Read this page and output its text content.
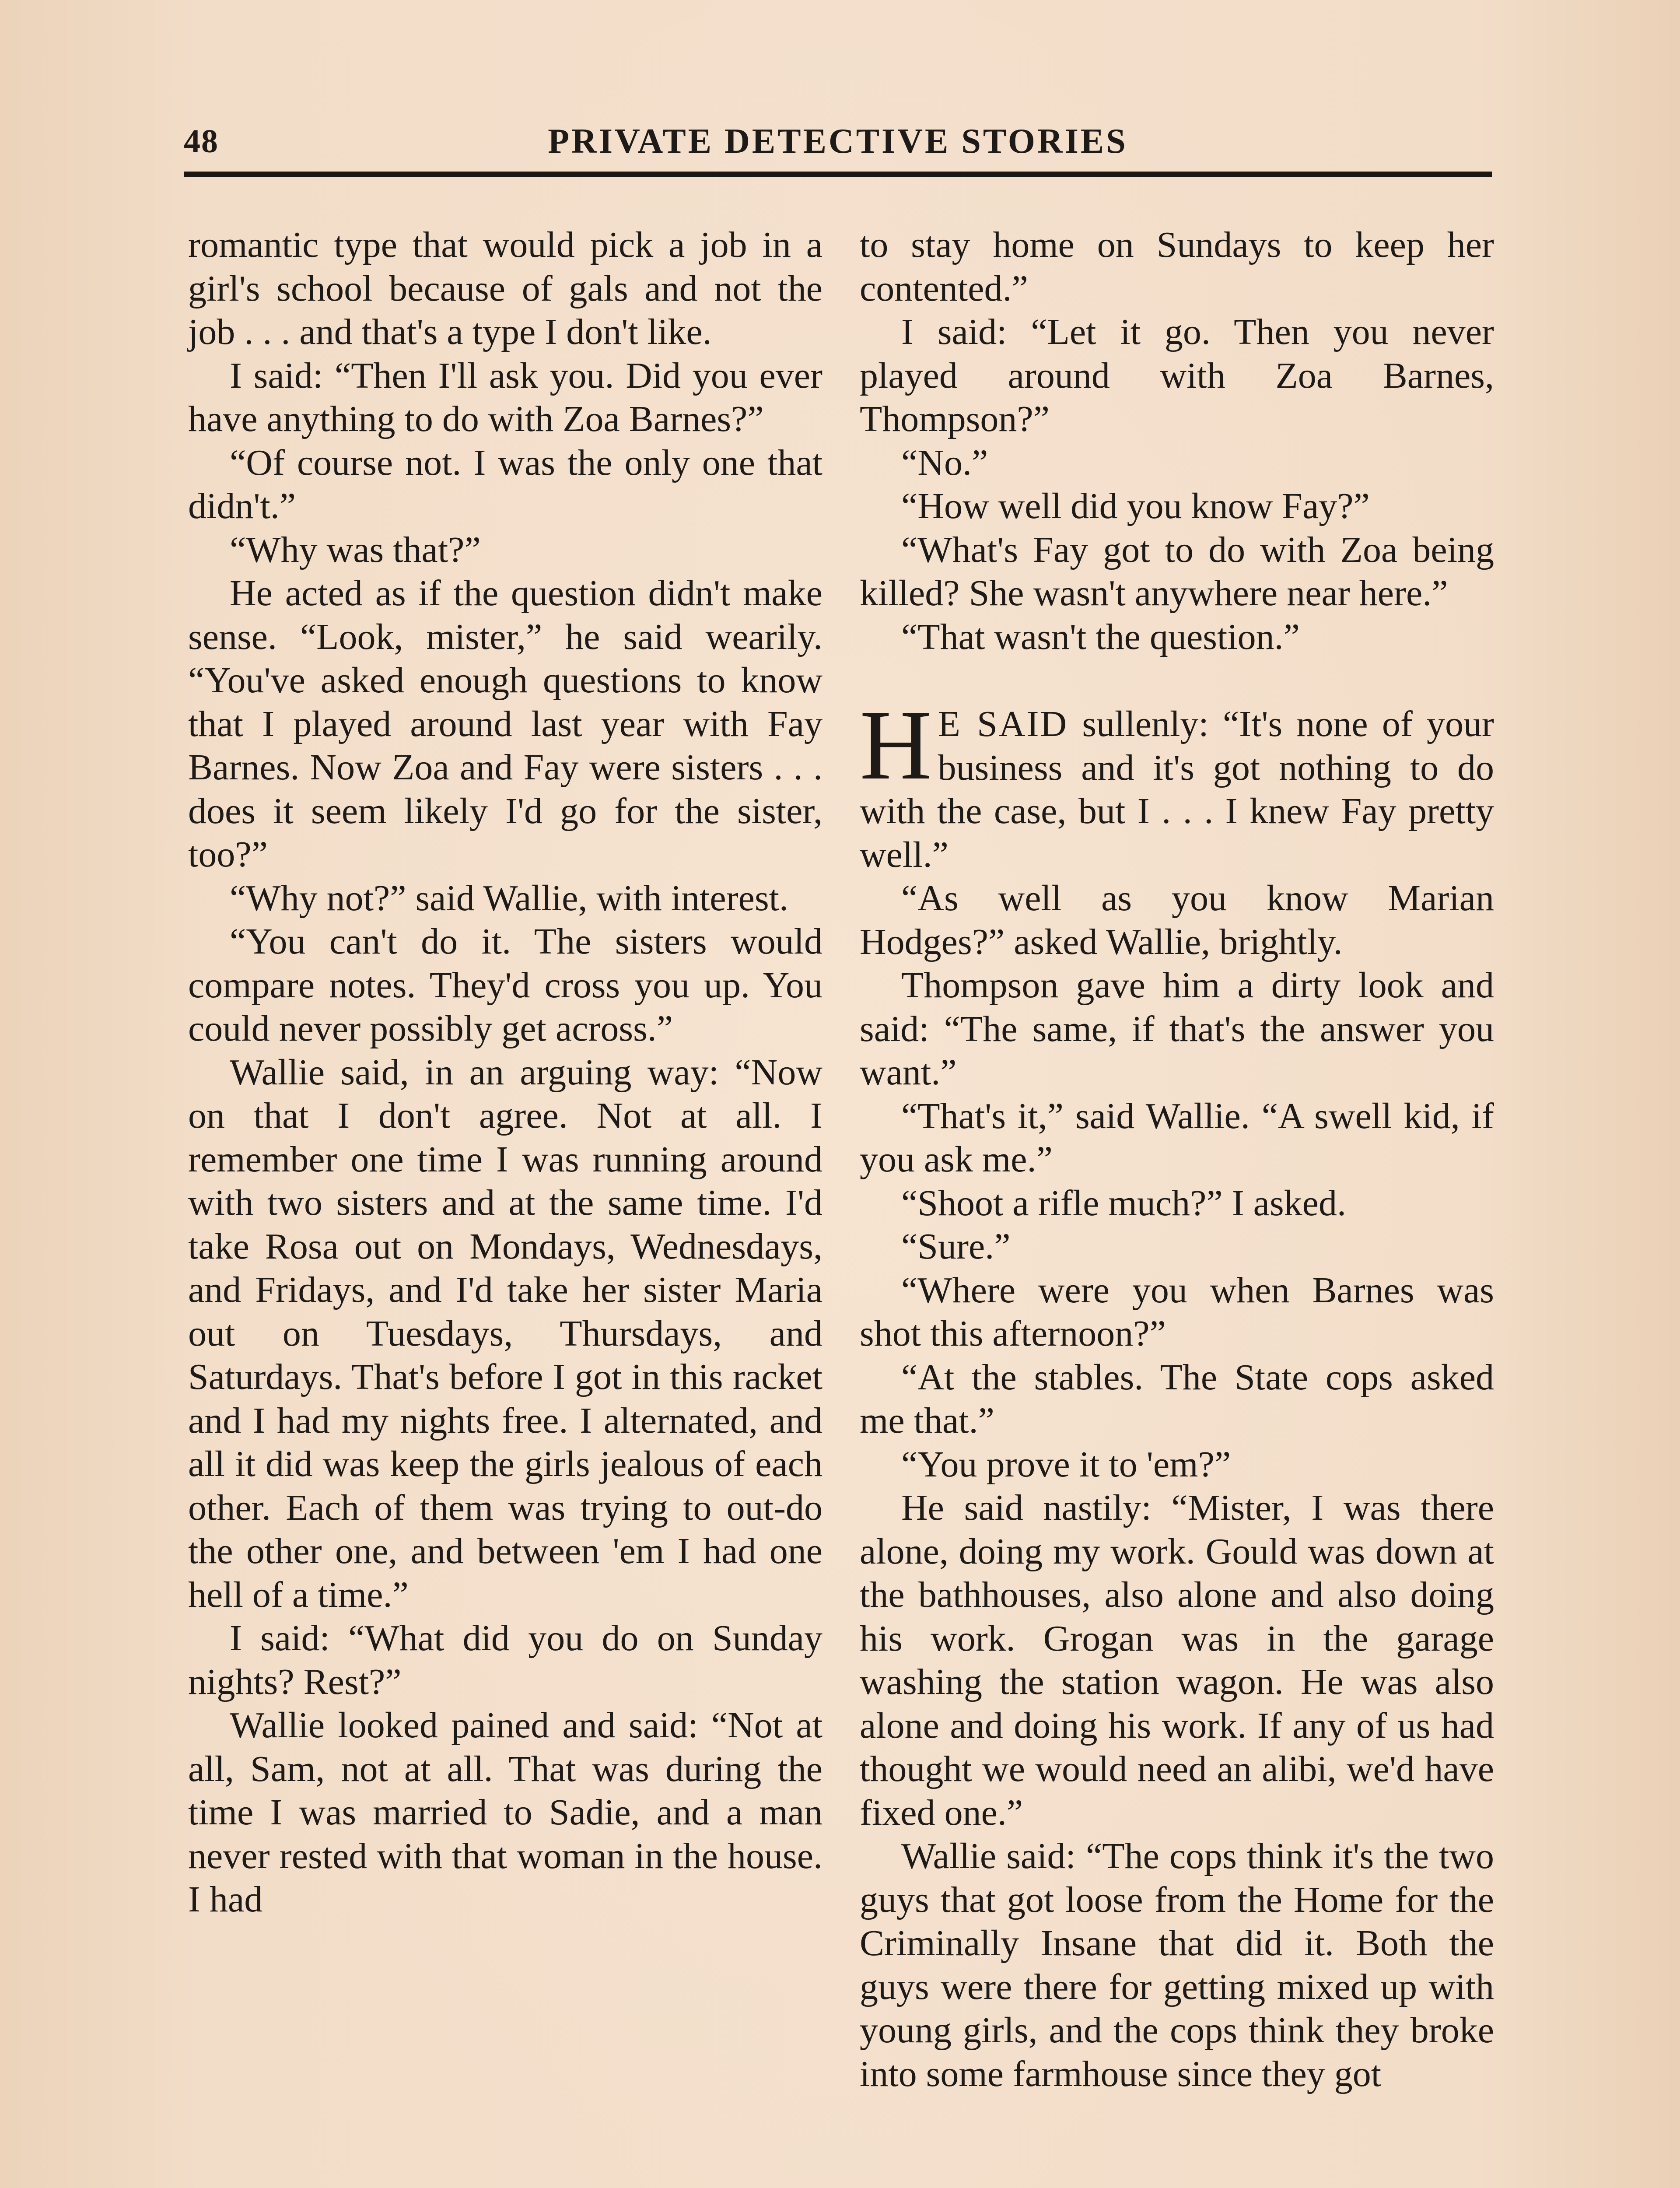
48	PRIVATE DETECTIVE STORIES

romantic type that would pick a job in a girl's school because of gals and not the job . . . and that's a type I don't like.

I said: “Then I'll ask you. Did you ever have anything to do with Zoa Barnes?”

“Of course not. I was the only one that didn't.”

“Why was that?”

He acted as if the question didn't make sense. “Look, mister,” he said wearily. “You've asked enough questions to know that I played around last year with Fay Barnes. Now Zoa and Fay were sisters . . . does it seem likely I'd go for the sister, too?”

“Why not?” said Wallie, with interest.

“You can't do it. The sisters would compare notes. They'd cross you up. You could never possibly get across.”

Wallie said, in an arguing way: “Now on that I don't agree. Not at all. I remember one time I was running around with two sisters and at the same time. I'd take Rosa out on Mondays, Wednesdays, and Fridays, and I'd take her sister Maria out on Tuesdays, Thursdays, and Saturdays. That's before I got in this racket and I had my nights free. I alternated, and all it did was keep the girls jealous of each other. Each of them was trying to out-do the other one, and between 'em I had one hell of a time.”

I said: “What did you do on Sunday nights? Rest?”

Wallie looked pained and said: “Not at all, Sam, not at all. That was during the time I was married to Sadie, and a man never rested with that woman in the house. I had

to stay home on Sundays to keep her contented.”

I said: “Let it go. Then you never played around with Zoa Barnes, Thompson?”

“No.”

“How well did you know Fay?”

“What's Fay got to do with Zoa being killed? She wasn't anywhere near here.”

“That wasn't the question.”

H E SAID sullenly: “It's none of your business and it's got nothing to do with the case, but I . . . I knew Fay pretty well.”

“As well as you know Marian Hodges?” asked Wallie, brightly.

Thompson gave him a dirty look and said: “The same, if that's the answer you want.”

“That's it,” said Wallie. “A swell kid, if you ask me.”

“Shoot a rifle much?” I asked.

“Sure.”

“Where were you when Barnes was shot this afternoon?”

“At the stables. The State cops asked me that.”

“You prove it to 'em?”

He said nastily: “Mister, I was there alone, doing my work. Gould was down at the bathhouses, also alone and also doing his work. Grogan was in the garage washing the station wagon. He was also alone and doing his work. If any of us had thought we would need an alibi, we'd have fixed one.”

Wallie said: “The cops think it's the two guys that got loose from the Home for the Criminally Insane that did it. Both the guys were there for getting mixed up with young girls, and the cops think they broke into some farmhouse since they got
